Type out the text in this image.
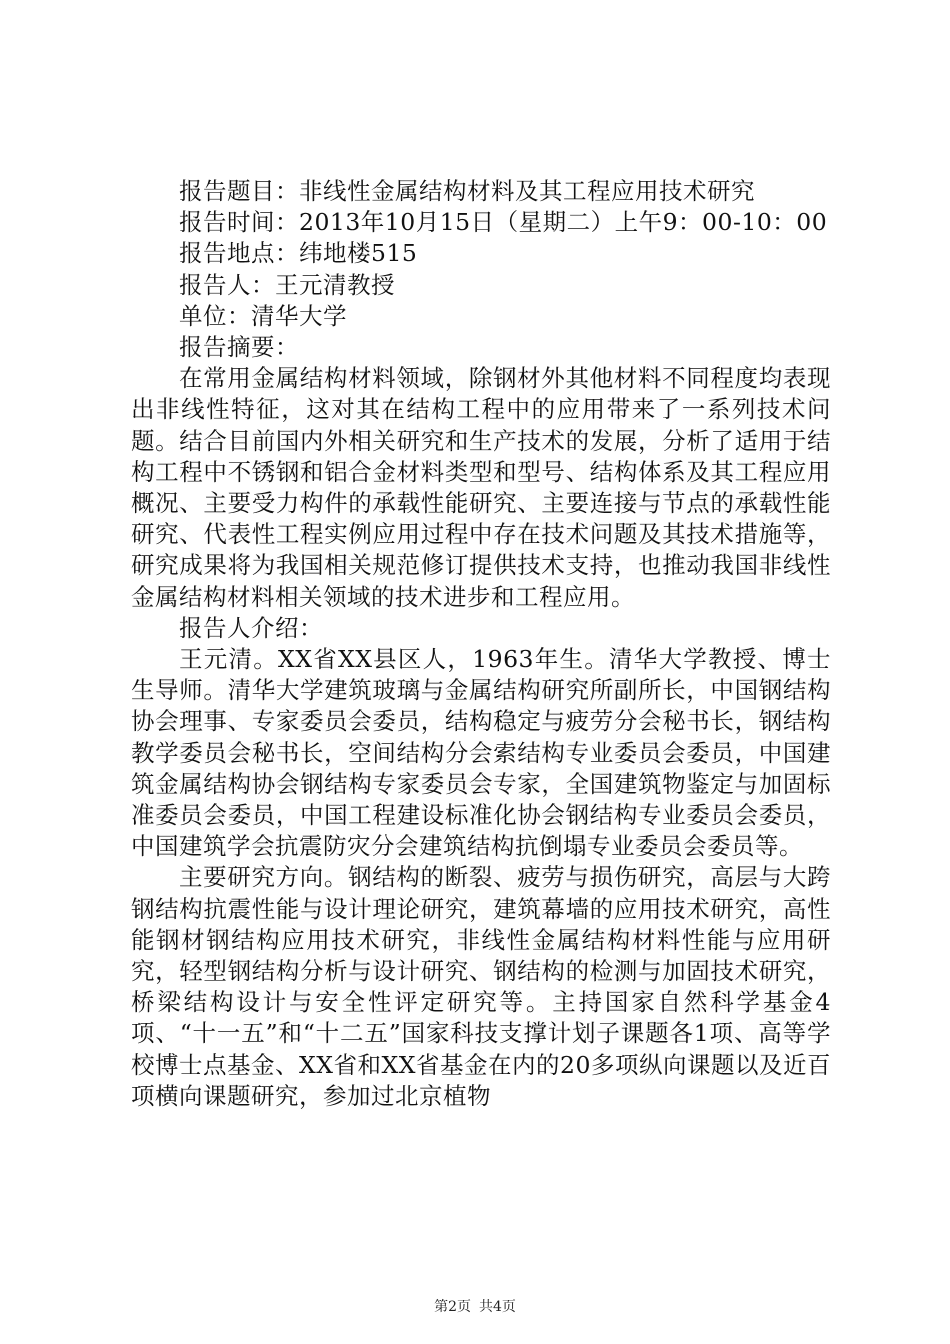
报告题目：非线性金属结构材料及其工程应用技术研究

报告时间：2013年10月15日（星期二）上午9：00-10：00

报告地点：纬地楼515

报告人：王元清教授

单位：清华大学

报告摘要：

在常用金属结构材料领域，除钢材外其他材料不同程度均表现出非线性特征，这对其在结构工程中的应用带来了一系列技术问题。结合目前国内外相关研究和生产技术的发展，分析了适用于结构工程中不锈钢和铝合金材料类型和型号、结构体系及其工程应用概况、主要受力构件的承载性能研究、主要连接与节点的承载性能研究、代表性工程实例应用过程中存在技术问题及其技术措施等，研究成果将为我国相关规范修订提供技术支持，也推动我国非线性金属结构材料相关领域的技术进步和工程应用。

报告人介绍：

王元清。XX省XX县区人，1963年生。清华大学教授、博士生导师。清华大学建筑玻璃与金属结构研究所副所长，中国钢结构协会理事、专家委员会委员，结构稳定与疲劳分会秘书长，钢结构教学委员会秘书长，空间结构分会索结构专业委员会委员，中国建筑金属结构协会钢结构专家委员会专家，全国建筑物鉴定与加固标准委员会委员，中国工程建设标准化协会钢结构专业委员会委员，中国建筑学会抗震防灾分会建筑结构抗倒塌专业委员会委员等。

主要研究方向。钢结构的断裂、疲劳与损伤研究，高层与大跨钢结构抗震性能与设计理论研究，建筑幕墙的应用技术研究，高性能钢材钢结构应用技术研究，非线性金属结构材料性能与应用研究，轻型钢结构分析与设计研究、钢结构的检测与加固技术研究，桥梁结构设计与安全性评定研究等。主持国家自然科学基金4项、“十一五”和“十二五”国家科技支撑计划子课题各1项、高等学校博士点基金、XX省和XX省基金在内的20多项纵向课题以及近百项横向课题研究，参加过北京植物

第2页 共4页
